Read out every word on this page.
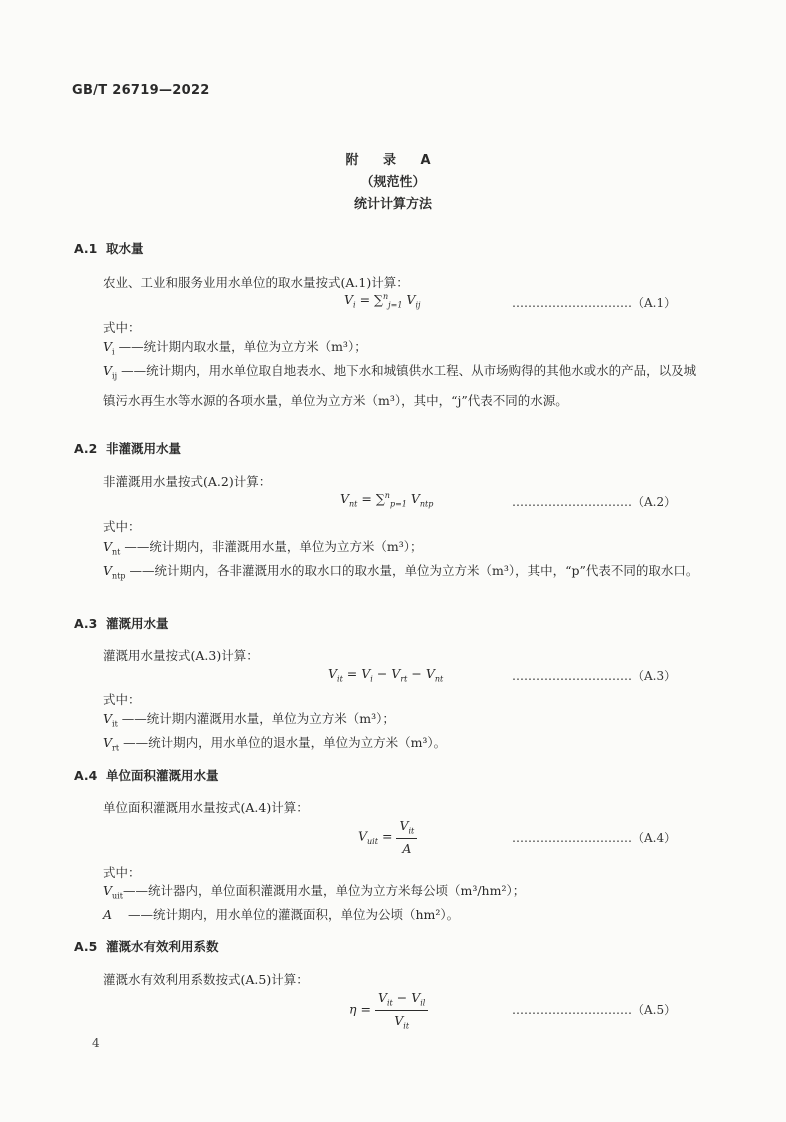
GB/T 26719—2022
附 录 A
（规范性）
统计计算方法
A.1 取水量
农业、工业和服务业用水单位的取水量按式(A.1)计算：
$V_i = \sum^n_{j=1}$ $V_{ij}$	…………………………（A.1）
式中：
$V_i$ ——统计期内取水量，单位为立方米（m³）；
$V_{ij}$ ——统计期内，用水单位取自地表水、地下水和城镇供水工程、从市场购得的其他水或水的产品，以及城镇污水再生水等水源的各项水量，单位为立方米（m³），其中，“j”代表不同的水源。
A.2 非灌溉用水量
非灌溉用水量按式(A.2)计算：
$V_{nt} = \sum^n_{p=1}$ $V_{ntp}$	…………………………（A.2）
式中：
$V_{nt}$ ——统计期内，非灌溉用水量，单位为立方米（m³）；
$V_{ntp}$ ——统计期内，各非灌溉用水的取水口的取水量，单位为立方米（m³），其中，“p”代表不同的取水口。
A.3 灌溉用水量
灌溉用水量按式(A.3)计算：
$V_{it} = V_i - V_{rt} - V_{nt}$	…………………………（A.3）
式中：
$V_{it}$ ——统计期内灌溉用水量，单位为立方米（m³）；
$V_{rt}$ ——统计期内，用水单位的退水量，单位为立方米（m³）。
A.4 单位面积灌溉用水量
单位面积灌溉用水量按式(A.4)计算：
$V_{uit} = \frac{V_{it}}{A}$	…………………………（A.4）
式中：
$V_{uit}——$统计器内，单位面积灌溉用水量，单位为立方米每公顷（m³/hm²）；
A ——统计期内，用水单位的灌溉面积，单位为公顷（hm²）。
A.5 灌溉水有效利用系数
灌溉水有效利用系数按式(A.5)计算：
$\eta = \frac{V_{it} - V_{il}}{V_{it}}$	…………………………（A.5）
4
